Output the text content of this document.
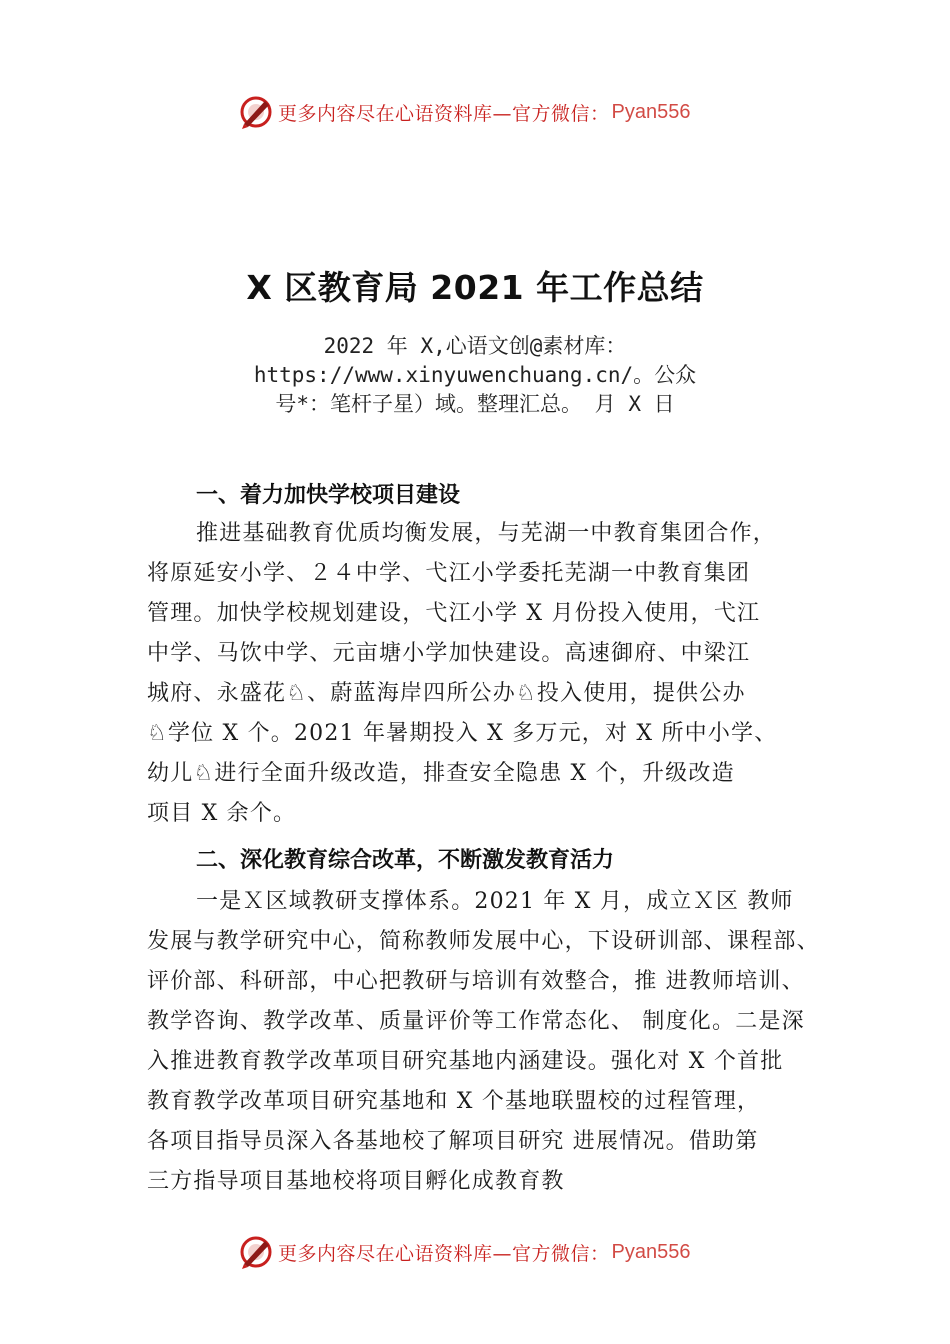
更多内容尽在心语资料库—官方微信： Pyan556
X 区教育局 2021 年工作总结
2022 年 X,心语文创@素材库：
https://www.xinyuwenchuang.cn/。公众
号*：笔杆子星）域。整理汇总。 月 X 日
一、着力加快学校项目建设
推进基础教育优质均衡发展，与芜湖一中教育集团合作，
将原延安小学、２４中学、弋江小学委托芜湖一中教育集团
管理。加快学校规划建设，弋江小学 X 月份投入使用，弋江
中学、马饮中学、元亩塘小学加快建设。高速御府、中梁江
城府、永盛花♘、蔚蓝海岸四所公办♘投入使用，提供公办
♘学位 X 个。2021 年暑期投入 X 多万元，对 X 所中小学、
幼儿♘进行全面升级改造，排查安全隐患 X 个，升级改造
项目 X 余个。
二、深化教育综合改革，不断激发教育活力
一是Ｘ区域教研支撑体系。2021 年 X 月，成立Ｘ区 教师
发展与教学研究中心，简称教师发展中心，下设研训部、课程部、
评价部、科研部，中心把教研与培训有效整合，推 进教师培训、
教学咨询、教学改革、质量评价等工作常态化、 制度化。二是深
入推进教育教学改革项目研究基地内涵建设。强化对 X 个首批
教育教学改革项目研究基地和 X 个基地联盟校的过程管理，
各项目指导员深入各基地校了解项目研究 进展情况。借助第
三方指导项目基地校将项目孵化成教育教
更多内容尽在心语资料库—官方微信： Pyan556
